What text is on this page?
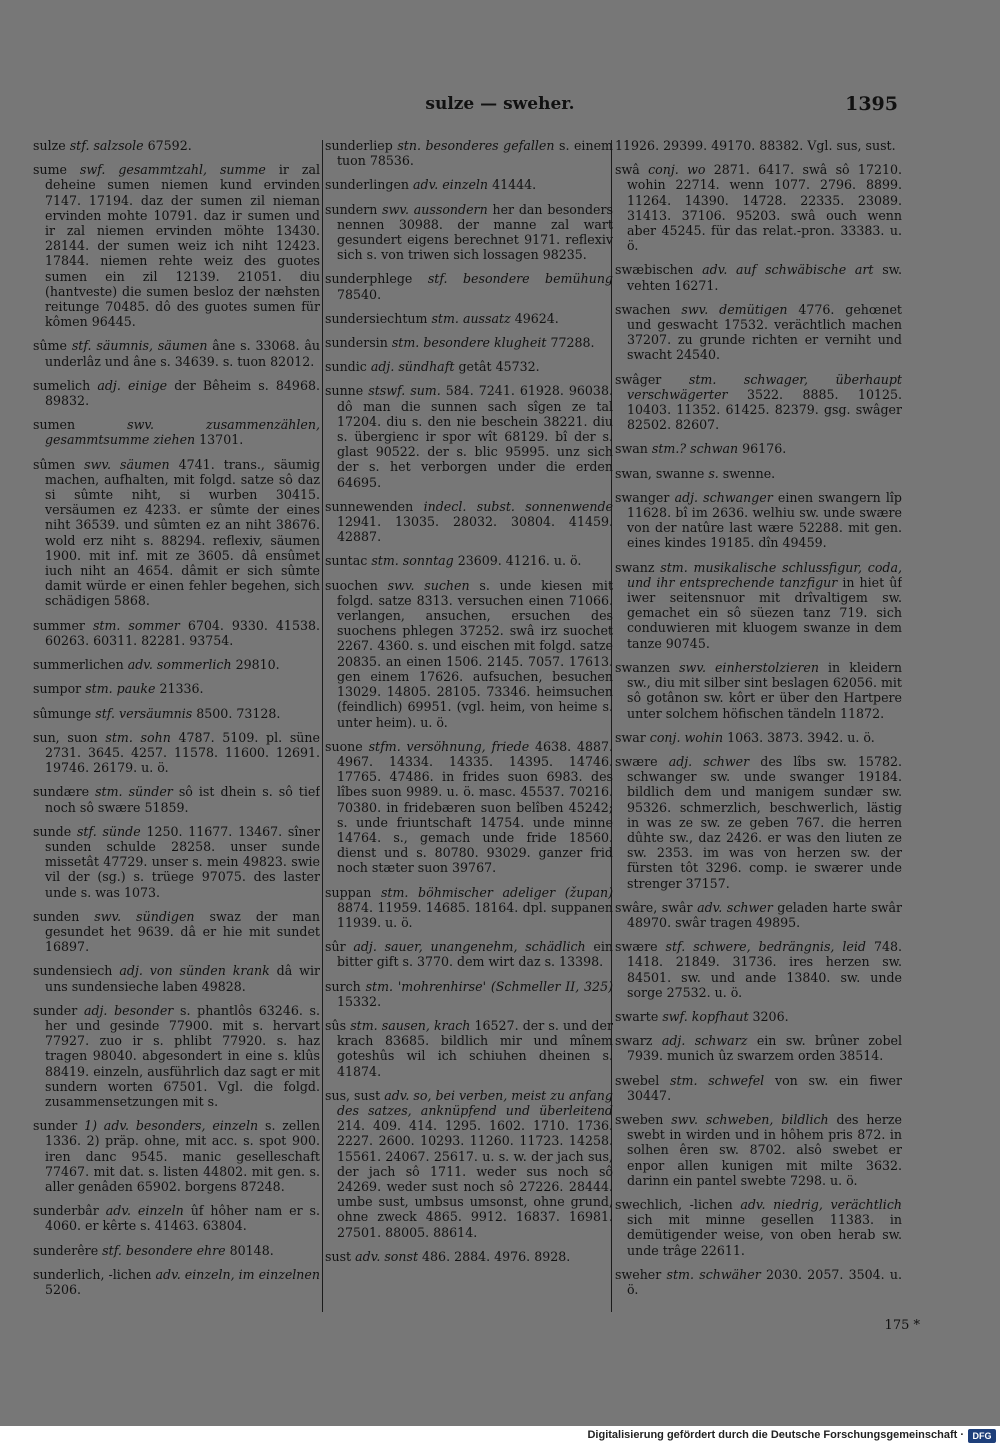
sulze — sweher.	1395

sulze stf. salzsole 67592.

sume swf. gesammtzahl, summe ir zal deheine sumen niemen kund ervinden 7147. 17194. daz der sumen zil nieman ervinden mohte 10791. daz ir sumen und ir zal niemen ervinden möhte 13430. 28144. der sumen weiz ich niht 12423. 17844. niemen rehte weiz des guotes sumen ein zil 12139. 21051. diu (hantveste) die sumen besloz der næhsten reitunge 70485. dô des guotes sumen für kômen 96445.

sûme stf. säumnis, säumen âne s. 33068. âu underlâz und âne s. 34639. s. tuon 82012.

sumelich adj. einige der Bêheim s. 84968. 89832.

sumen	swv. zusammenzählen, gesammtsumme ziehen 13701.

sûmen swv. säumen 4741. trans., säumig machen, aufhalten, mit folgd. satze sô daz si sûmte niht, si wurben 30415. versäumen ez 4233. er sûmte der eines niht 36539. und sûmten ez an niht 38676. wold erz niht s. 88294. reflexiv, säumen 1900. mit inf. mit ze 3605. dâ ensûmet iuch niht an 4654. dâmit er sich sûmte damit würde er einen fehler begehen, sich schädigen 5868.

summer stm. sommer 6704. 9330. 41538. 60263. 60311. 82281. 93754.

summerlichen adv. sommerlich 29810.

sumpor stm. pauke 21336.

sûmunge stf. versäumnis 8500. 73128.

sun, suon stm. sohn 4787. 5109. pl. süne 2731. 3645. 4257. 11578. 11600. 12691. 19746. 26179. u. ö.

sundære stm. sünder sô ist dhein s. sô tief noch sô swære 51859.

sunde stf. sünde 1250. 11677. 13467. sîner sunden schulde 28258. unser sunde missetât 47729. unser s. mein 49823. swie vil der (sg.) s. trüege 97075. des laster unde s. was 1073.

sunden swv. sündigen swaz der man gesundet het 9639. dâ er hie mit sundet 16897.

sundensiech adj. von sünden krank dâ wir uns sundensieche laben 49828.

sunder adj. besonder s. phantlôs 63246. s. her und gesinde 77900. mit s. hervart 77927. zuo ir s. phlibt 77920. s. haz tragen 98040. abgesondert in eine s. klûs 88419. einzeln, ausführlich daz sagt er mit sundern worten 67501. Vgl. die folgd. zusammensetzungen mit s.

sunder 1) adv. besonders, einzeln s. zellen 1336. 2) präp. ohne, mit acc. s. spot 900. iren danc 9545. manic geselleschaft 77467. mit dat. s. listen 44802. mit gen. s. aller genâden 65902. borgens 87248.

sunderbâr adv. einzeln ûf hôher nam er s. 4060. er kêrte s. 41463. 63804.

sunderêre stf. besondere ehre 80148.

sunderlich, -lichen adv. einzeln, im einzelnen 5206.

sunderliep stn. besonderes gefallen s. einem tuon 78536.

sunderlingen adv. einzeln 41444.

sundern swv. aussondern her dan besonders nennen 30988. der manne zal wart gesundert eigens berechnet 9171. reflexiv sich s. von triwen sich lossagen 98235.

sunderphlege stf. besondere bemühung 78540.

sundersiechtum stm. aussatz 49624.

sundersin stm. besondere klugheit 77288.

sundic adj. sündhaft getât 45732.

sunne stswf. sum. 584. 7241. 61928. 96038. dô man die sunnen sach sîgen ze tal 17204. diu s. den nie beschein 38221. diu s. übergienc ir spor wît 68129. bî der s. glast 90522. der s. blic 95995. unz sich der s. het verborgen under die erden 64695.

sunnewenden indecl. subst. sonnenwende 12941. 13035. 28032. 30804. 41459. 42887.

suntac stm. sonntag 23609. 41216. u. ö.

suochen swv. suchen s. unde kiesen mit folgd. satze 8313. versuchen einen 71066. verlangen, ansuchen, ersuchen des suochens phlegen 37252. swâ irz suochet 2267. 4360. s. und eischen mit folgd. satze 20835. an einen 1506. 2145. 7057. 17613. gen einem 17626. aufsuchen, besuchen 13029. 14805. 28105. 73346. heimsuchen (feindlich) 69951. (vgl. heim, von heime s. unter heim). u. ö.

suone stfm. versöhnung, friede 4638. 4887. 4967. 14334. 14335. 14395. 14746. 17765. 47486. in frides suon 6983. des lîbes suon 9989. u. ö. masc. 45537. 70216. 70380. in fridebæren suon belîben 45242; s. unde friuntschaft 14754. unde minne 14764. s., gemach unde fride 18560. dienst und s. 80780. 93029. ganzer frid noch stæter suon 39767.

suppan stm. böhmischer adeliger (župan) 8874. 11959. 14685. 18164. dpl. suppanen 11939. u. ö.

sûr adj. sauer, unangenehm, schädlich ein bitter gift s. 3770. dem wirt daz s. 13398.

surch stm. 'mohrenhirse' (Schmeller II, 325) 15332.

sûs stm. sausen, krach 16527. der s. und der krach 83685. bildlich mir und mînem goteshûs wil ich schiuhen dheinen s. 41874.

sus, sust adv. so, bei verben, meist zu anfang des satzes, anknüpfend und überleitend 214. 409. 414. 1295. 1602. 1710. 1736. 2227. 2600. 10293. 11260. 11723. 14258. 15561. 24067. 25617. u. s. w. der jach sus, der jach sô 1711. weder sus noch sô 24269. weder sust noch sô 27226. 28444. umbe sust, umbsus umsonst, ohne grund, ohne zweck 4865. 9912. 16837. 16981. 27501. 88005. 88614.

sust adv. sonst 486. 2884. 4976. 8928.

11926. 29399. 49170. 88382. Vgl. sus, sust.

swâ conj. wo 2871. 6417. swâ sô 17210. wohin 22714. wenn 1077. 2796. 8899. 11264. 14390. 14728. 22335. 23089. 31413. 37106. 95203. swâ ouch wenn aber 45245. für das relat.-pron. 33383. u. ö.

swæbischen adv. auf schwäbische art sw. vehten 16271.

swachen swv. demütigen 4776. gehœnet und geswacht 17532. verächtlich machen 37207. zu grunde richten er verniht und swacht 24540.

swâger stm. schwager, überhaupt verschwägerter 3522. 8885. 10125. 10403. 11352. 61425. 82379. gsg. swâger 82502. 82607.

swan stm.? schwan 96176.

swan, swanne s. swenne.

swanger adj. schwanger einen swangern lîp 11628. bî im 2636. welhiu sw. unde swære von der natûre last wære 52288. mit gen. eines kindes 19185. dîn 49459.

swanz stm. musikalische schlussfigur, coda, und ihr entsprechende tanzfigur in hiet ûf iwer seitensnuor mit drîvaltigem sw. gemachet ein sô süezen tanz 719. sich conduwieren mit kluogem swanze in dem tanze 90745.

swanzen swv. einherstolzieren in kleidern sw., diu mit silber sint beslagen 62056. mit sô gotânon sw. kôrt er über den Hartpere unter solchem höfischen tändeln 11872.

swar conj. wohin 1063. 3873. 3942. u. ö.

swære adj. schwer des lîbs sw. 15782. schwanger sw. unde swanger 19184. bildlich dem und manigem sundær sw. 95326. schmerzlich, beschwerlich, lästig in was ze sw. ze geben 767. die herren dûhte sw., daz 2426. er was den liuten ze sw. 2353. im was von herzen sw. der fürsten tôt 3296. comp. ie swærer unde strenger 37157.

swâre, swâr adv. schwer geladen harte swâr 48970. swâr tragen 49895.

swære stf. schwere, bedrängnis, leid 748. 1418. 21849. 31736. ires herzen sw. 84501. sw. und ande 13840. sw. unde sorge 27532. u. ö.

swarte swf. kopfhaut 3206.

swarz adj. schwarz ein sw. brûner zobel 7939. munich ûz swarzem orden 38514.

swebel stm. schwefel von sw. ein fiwer 30447.

sweben swv. schweben, bildlich des herze swebt in wirden und in hôhem pris 872. in solhen êren sw. 8702. alsô swebet er enpor allen kunigen mit milte 3632. darinn ein pantel swebte 7298. u. ö.

swechlich, -lichen adv. niedrig, verächtlich sich mit minne gesellen 11383. in demütigender weise, von oben herab sw. unde trâge 22611.

sweher stm. schwäher 2030. 2057. 3504. u. ö.

175 *
Digitalisierung gefördert durch die Deutsche Forschungsgemeinschaft · DFG
